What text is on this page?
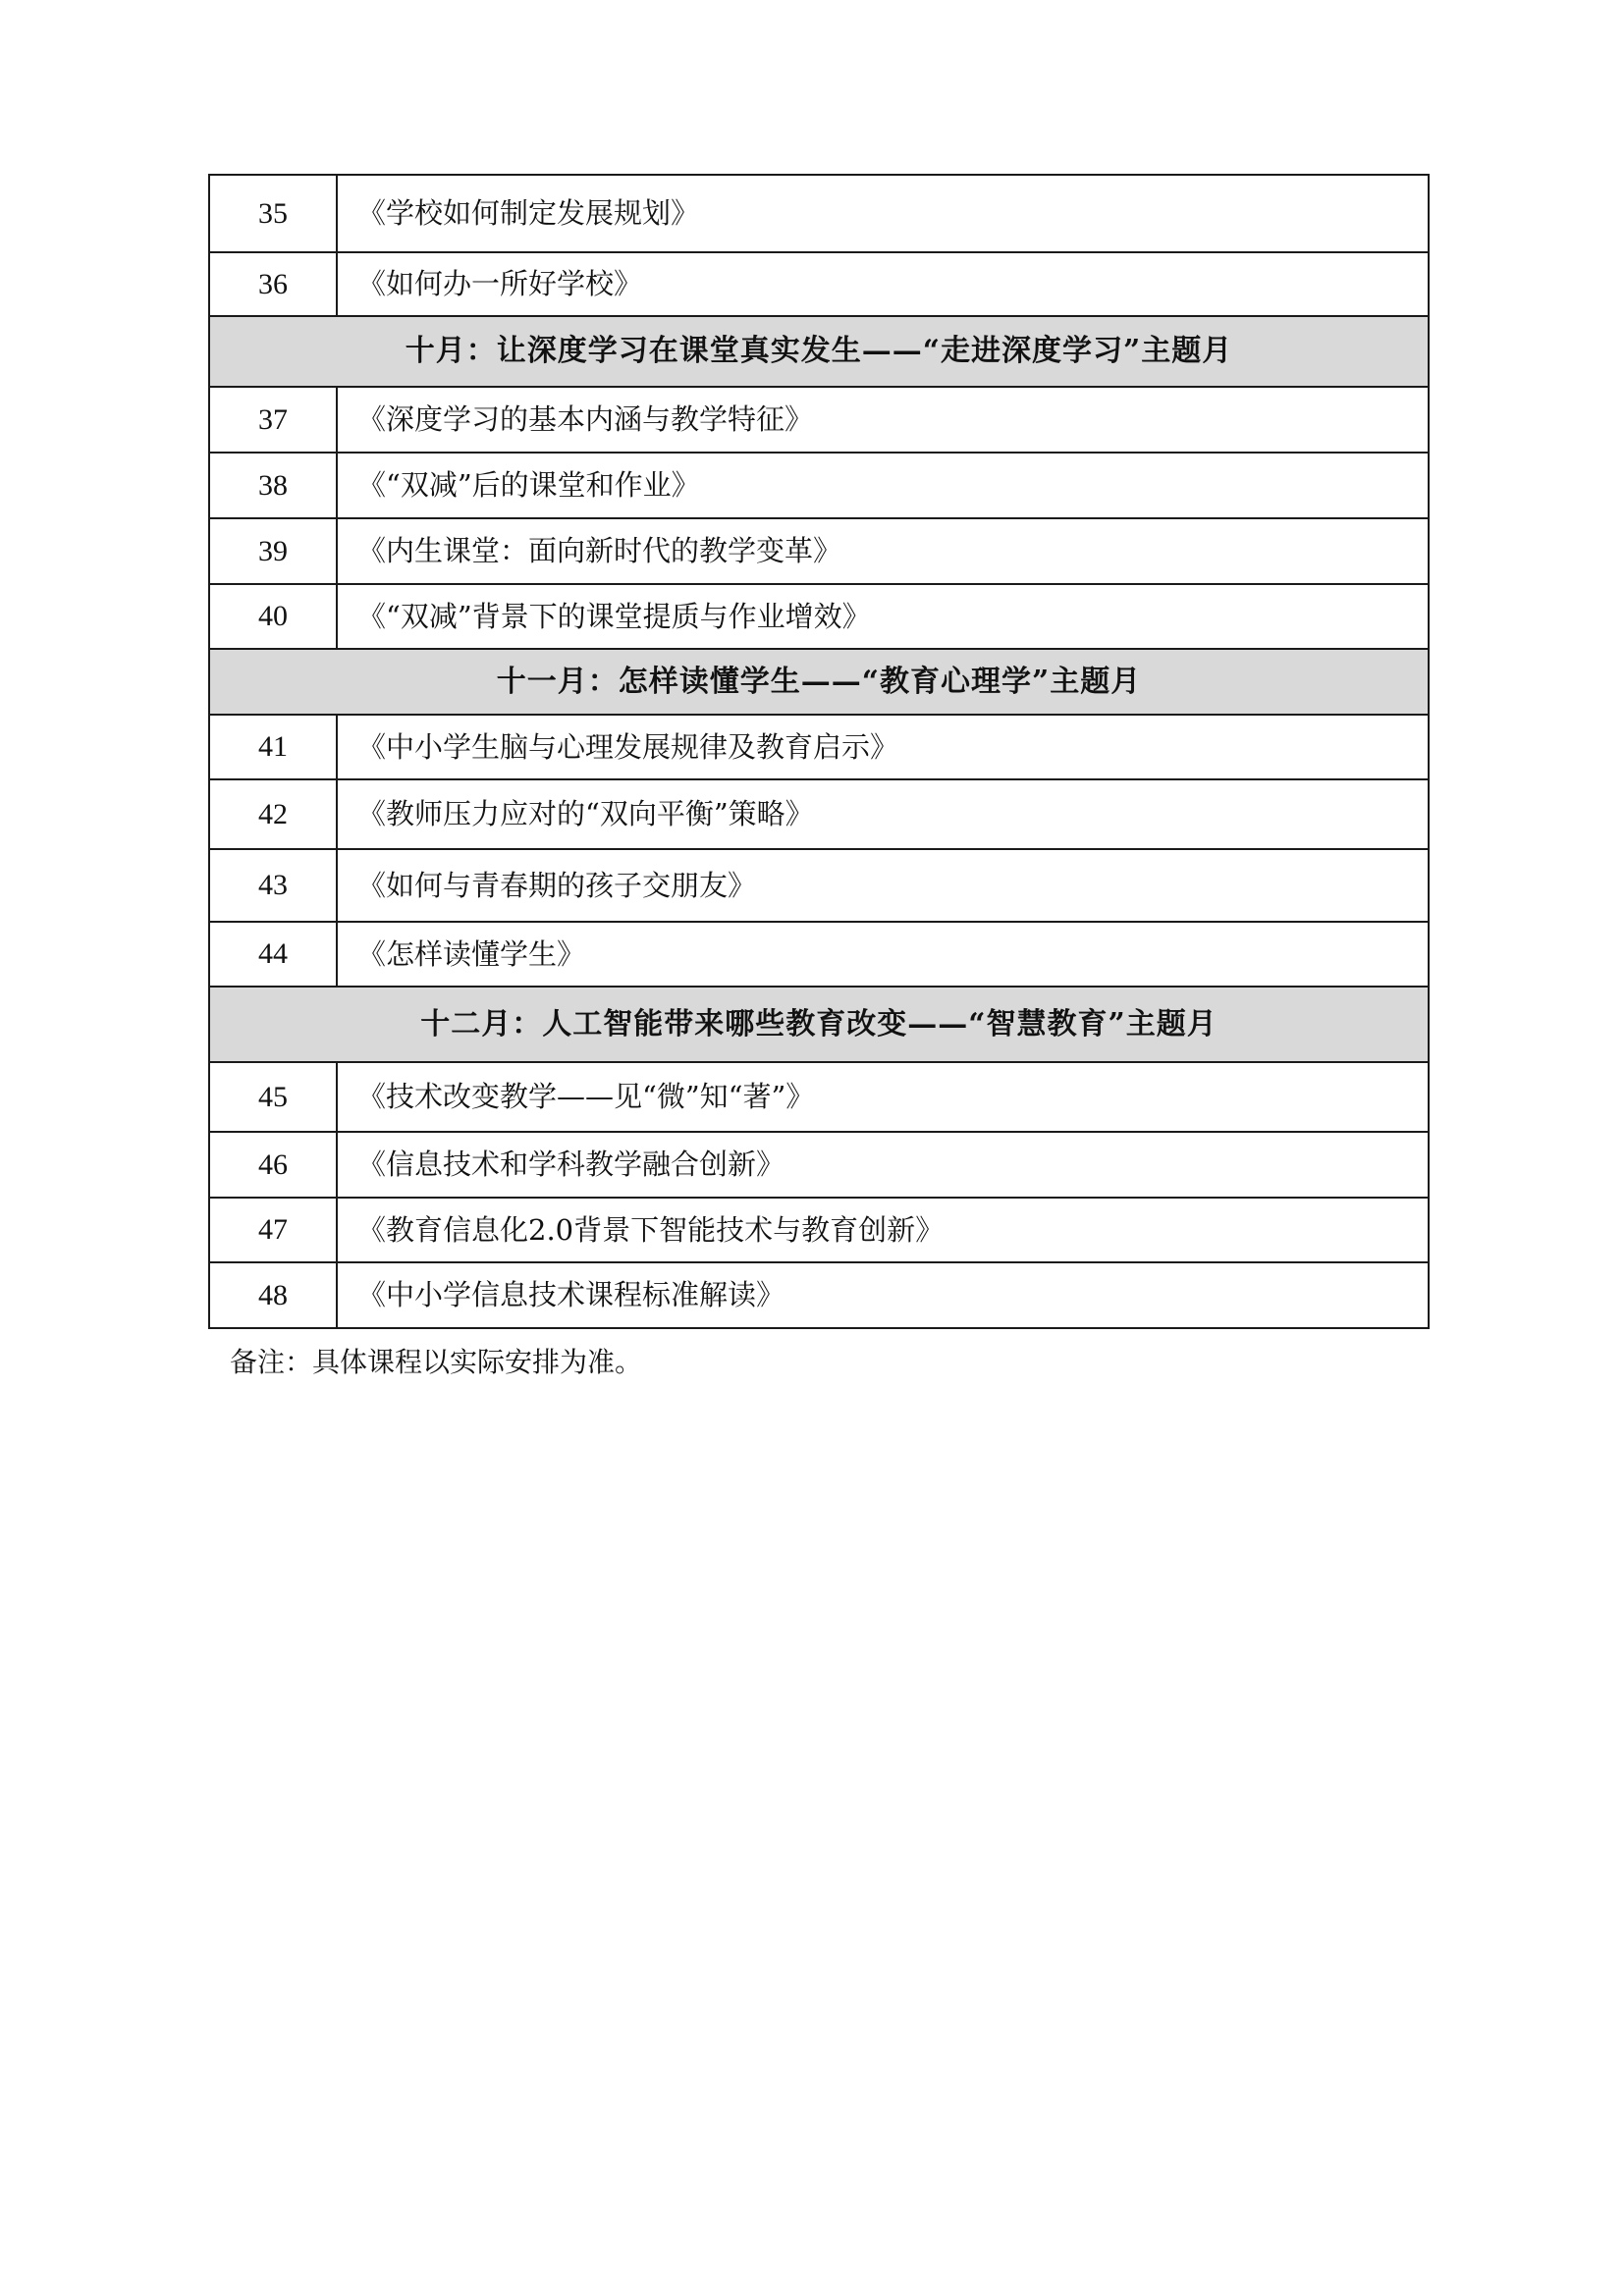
35	《学校如何制定发展规划》
36	《如何办一所好学校》
十月：让深度学习在课堂真实发生——“走进深度学习”主题月	
37	《深度学习的基本内涵与教学特征》
38	《“双减”后的课堂和作业》
39	《内生课堂：面向新时代的教学变革》
40	《“双减”背景下的课堂提质与作业增效》
十一月：怎样读懂学生——“教育心理学”主题月	
41	《中小学生脑与心理发展规律及教育启示》
42	《教师压力应对的“双向平衡”策略》
43	《如何与青春期的孩子交朋友》
44	《怎样读懂学生》
十二月：人工智能带来哪些教育改变——“智慧教育”主题月	
45	《技术改变教学——见“微”知“著”》
46	《信息技术和学科教学融合创新》
47	《教育信息化2.0背景下智能技术与教育创新》
48	《中小学信息技术课程标准解读》
备注：具体课程以实际安排为准。
